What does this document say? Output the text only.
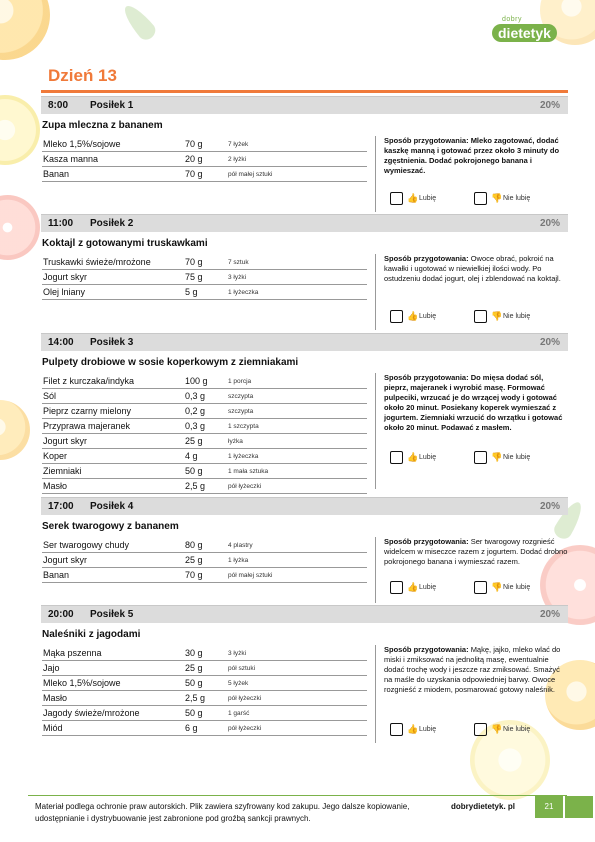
dobry
dietetyk
Dzień 13
8:00 Posiłek 1	20%
Zupa mleczna z bananem
Mleko 1,5%/sojowe	70 g	7 łyżek
Kasza manna	20 g	2 łyżki
Banan	70 g	pół małej sztuki
Sposób przygotowania: Mleko zagotować, dodać kaszkę manną i gotować przez około 3 minuty do zgęstnienia. Dodać pokrojonego banana i wymieszać.
👍 Lubię	👎 Nie lubię
11:00 Posiłek 2	20%
Koktajl z gotowanymi truskawkami
Truskawki świeże/mrożone	70 g	7 sztuk
Jogurt skyr	75 g	3 łyżki
Olej lniany	5 g	1 łyżeczka
Sposób przygotowania: Owoce obrać, pokroić na kawałki i ugotować w niewielkiej ilości wody. Po ostudzeniu dodać jogurt, olej i zblendować na koktajl.
👍 Lubię	👎 Nie lubię
14:00 Posiłek 3	20%
Pulpety drobiowe w sosie koperkowym z ziemniakami
Filet z kurczaka/indyka	100 g	1 porcja
Sól	0,3 g	szczypta
Pieprz czarny mielony	0,2 g	szczypta
Przyprawa majeranek	0,3 g	1 szczypta
Jogurt skyr	25 g	łyżka
Koper	4 g	1 łyżeczka
Ziemniaki	50 g	1 mała sztuka
Masło	2,5 g	pół łyżeczki
Sposób przygotowania: Do mięsa dodać sól, pieprz, majeranek i wyrobić masę. Formować pulpeciki, wrzucać je do wrzącej wody i gotować około 20 minut. Posiekany koperek wymieszać z jogurtem. Ziemniaki wrzucić do wrzątku i gotować około 20 minut. Podawać z masłem.
👍 Lubię	👎 Nie lubię
17:00 Posiłek 4	20%
Serek twarogowy z bananem
Ser twarogowy chudy	80 g	4 plastry
Jogurt skyr	25 g	1 łyżka
Banan	70 g	pół małej sztuki
Sposób przygotowania: Ser twarogowy rozgnieść widelcem w miseczce razem z jogurtem. Dodać drobno pokrojonego banana i wymieszać razem.
👍 Lubię	👎 Nie lubię
20:00 Posiłek 5	20%
Naleśniki z jagodami
Mąka pszenna	30 g	3 łyżki
Jajo	25 g	pół sztuki
Mleko 1,5%/sojowe	50 g	5 łyżek
Masło	2,5 g	pół łyżeczki
Jagody świeże/mrożone	50 g	1 garść
Miód	6 g	pół łyżeczki
Sposób przygotowania: Mąkę, jajko, mleko wlać do miski i zmiksować na jednolitą masę, ewentualnie dodać trochę wody i jeszcze raz zmiksować. Smażyć na maśle do uzyskania odpowiedniej barwy. Owoce rozgnieść z miodem, posmarować gotowy naleśnik.
👍 Lubię	👎 Nie lubię
Materiał podlega ochronie praw autorskich. Plik zawiera szyfrowany kod zakupu. Jego dalsze kopiowanie, udostępnianie i dystrybuowanie jest zabronione pod groźbą sankcji prawnych.
dobrydietetyk. pl	21
